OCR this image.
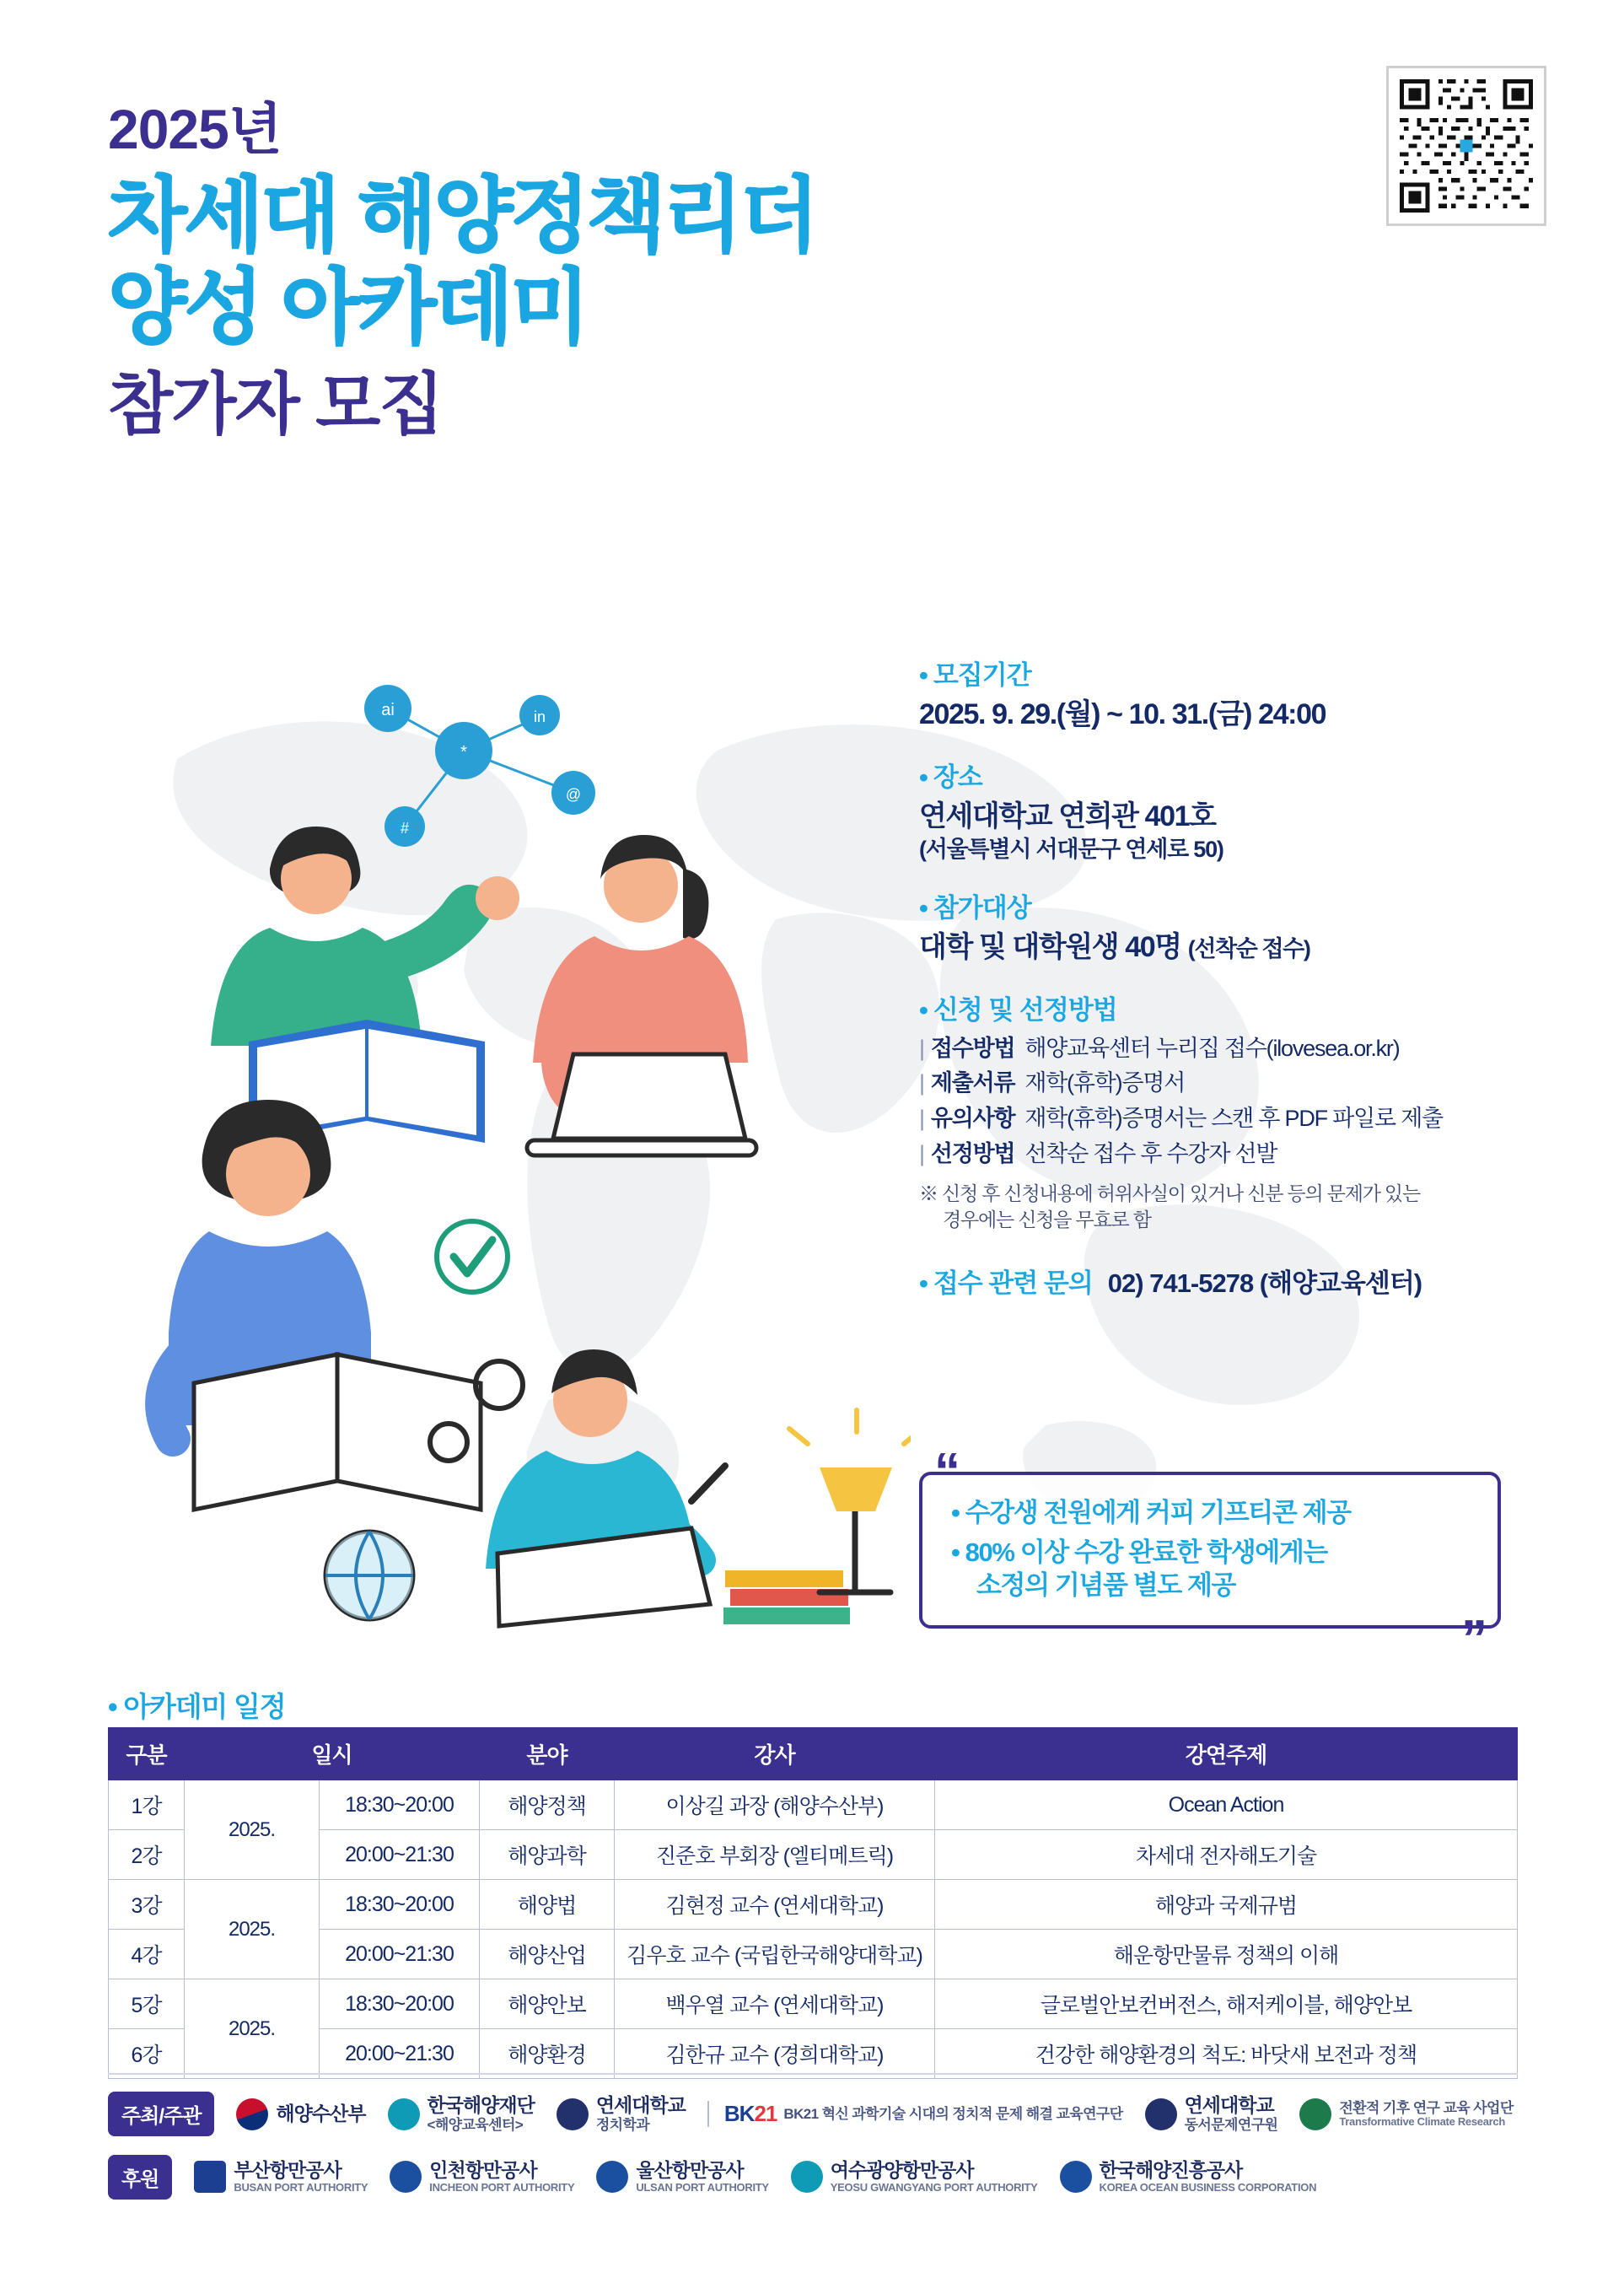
2025년
차세대 해양정책리더
양성 아카데미
참가자 모집
ai
*
in
@
#
• 모집기간
2025. 9. 29.(월) ~ 10. 31.(금) 24:00
• 장소
연세대학교 연희관 401호
(서울특별시 서대문구 연세로 50)
• 참가대상
대학 및 대학원생 40명 (선착순 접수)
• 신청 및 선정방법
| 접수방법 해양교육센터 누리집 접수(ilovesea.or.kr)
| 제출서류 재학(휴학)증명서
| 유의사항 재학(휴학)증명서는 스캔 후 PDF 파일로 제출
| 선정방법 선착순 접수 후 수강자 선발
※ 신청 후 신청내용에 허위사실이 있거나 신분 등의 문제가 있는
경우에는 신청을 무효로 함
• 접수 관련 문의 02) 741-5278 (해양교육센터)
“
”

• 수강생 전원에게 커피 기프티콘 제공

• 80% 이상 수강 완료한 학생에게는
소정의 기념품 별도 제공

• 아카데미 일정
구분	일시		분야	강사	강연주제
1강	2025.	18:30~20:00	해양정책	이상길 과장 (해양수산부)	Ocean Action
2강		20:00~21:30	해양과학	진준호 부회장 (엘티메트릭)	차세대 전자해도기술
3강	2025.	18:30~20:00	해양법	김현정 교수 (연세대학교)	해양과 국제규범
4강		20:00~21:30	해양산업	김우호 교수 (국립한국해양대학교)	해운항만물류 정책의 이해
5강	2025.	18:30~20:00	해양안보	백우열 교수 (연세대학교)	글로벌안보컨버전스, 해저케이블, 해양안보
6강		20:00~21:30	해양환경	김한규 교수 (경희대학교)	건강한 해양환경의 척도: 바닷새 보전과 정책
주최/주관	해양수산부	한국해양재단
<해양교육센터>
연세대학교
정치학과	BK21 BK21 혁신 과학기술 시대의 정치적 문제 해결 교육연구단	연세대학교
동서문제연구원
전환적 기후 연구 교육 사업단
Transformative Climate Research
후원	부산항만공사
BUSAN PORT AUTHORITY
인천항만공사
INCHEON PORT AUTHORITY
울산항만공사
ULSAN PORT AUTHORITY
여수광양항만공사
YEOSU GWANGYANG PORT AUTHORITY
한국해양진흥공사
KOREA OCEAN BUSINESS CORPORATION
